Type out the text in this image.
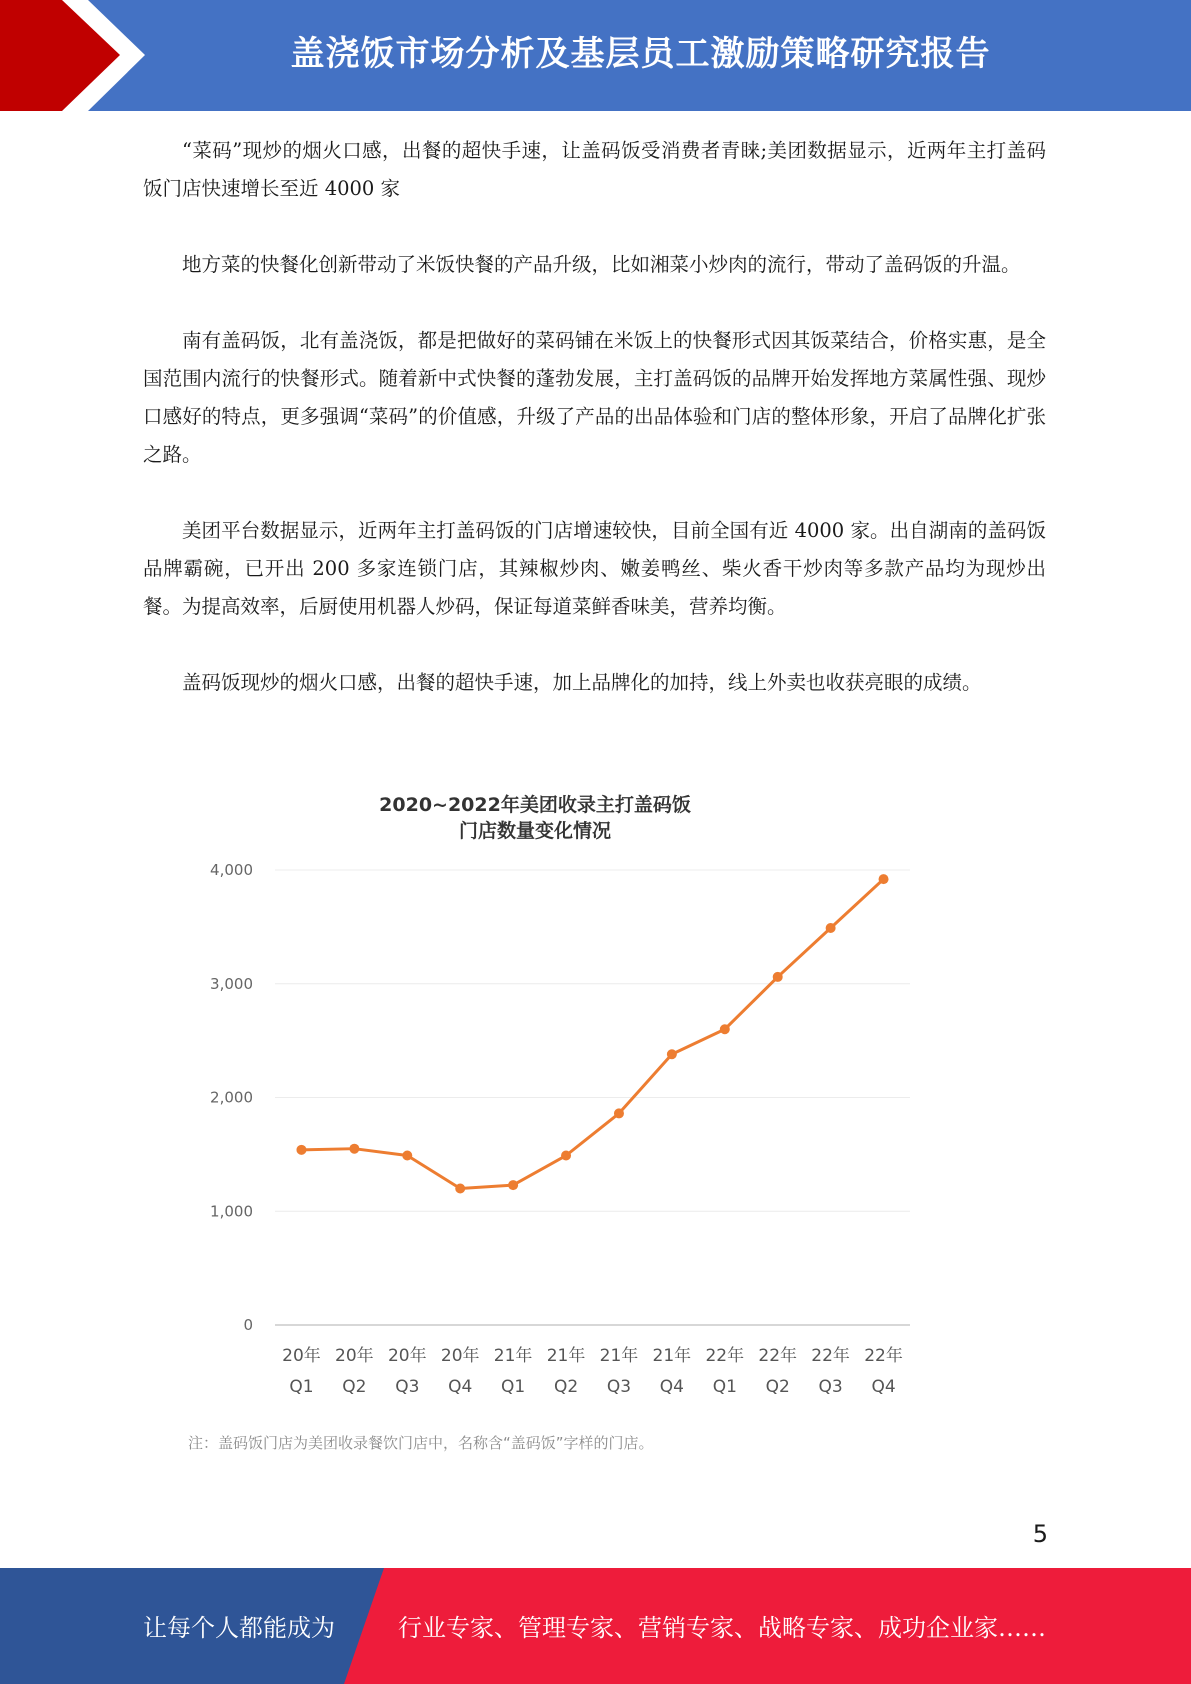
盖浇饭市场分析及基层员工激励策略研究报告

“菜码”现炒的烟火口感，出餐的超快手速，让盖码饭受消费者青睐;美团数据显示，近两年主打盖码饭门店快速增长至近 4000 家

地方菜的快餐化创新带动了米饭快餐的产品升级，比如湘菜小炒肉的流行，带动了盖码饭的升温。

南有盖码饭，北有盖浇饭，都是把做好的菜码铺在米饭上的快餐形式因其饭菜结合，价格实惠，是全国范围内流行的快餐形式。随着新中式快餐的蓬勃发展，主打盖码饭的品牌开始发挥地方菜属性强、现炒口感好的特点，更多强调“菜码”的价值感，升级了产品的出品体验和门店的整体形象，开启了品牌化扩张之路。

美团平台数据显示，近两年主打盖码饭的门店增速较快，目前全国有近 4000 家。出自湖南的盖码饭品牌霸碗，已开出 200 多家连锁门店，其辣椒炒肉、嫩姜鸭丝、柴火香干炒肉等多款产品均为现炒出餐。为提高效率，后厨使用机器人炒码，保证每道菜鲜香味美，营养均衡。

盖码饭现炒的烟火口感，出餐的超快手速，加上品牌化的加持，线上外卖也收获亮眼的成绩。

2020~2022年美团收录主打盖码饭
门店数量变化情况
0
1,000
2,000
3,000
4,000
20年
Q1
20年
Q2
20年
Q3
20年
Q4
21年
Q1
21年
Q2
21年
Q3
21年
Q4
22年
Q1
22年
Q2
22年
Q3
22年
Q4
注：盖码饭门店为美团收录餐饮门店中，名称含“盖码饭”字样的门店。
5
让每个人都能成为	行业专家、管理专家、营销专家、战略专家、成功企业家……
